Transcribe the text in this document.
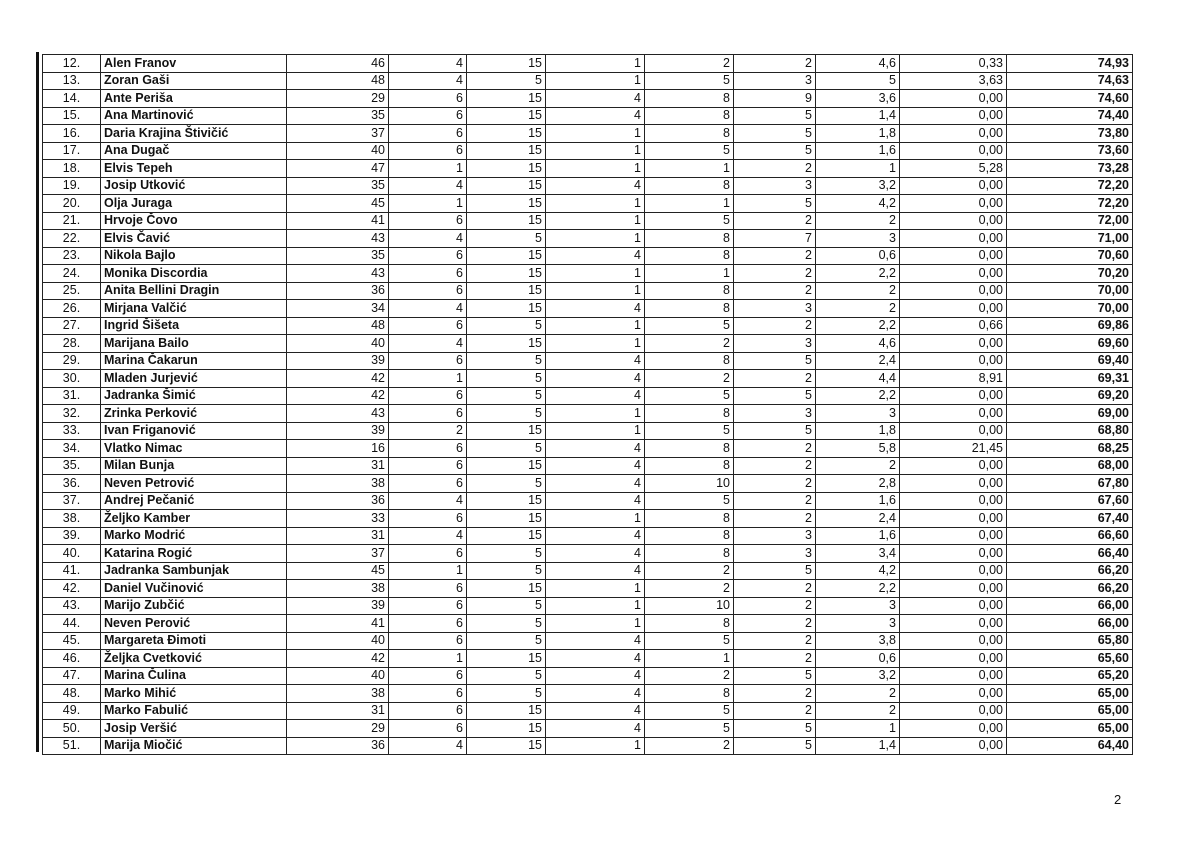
12.	Alen Franov	46	4	15	1	2	2	4,6	0,33	74,93
13.	Zoran Gaši	48	4	5	1	5	3	5	3,63	74,63
14.	Ante Periša	29	6	15	4	8	9	3,6	0,00	74,60
15.	Ana Martinović	35	6	15	4	8	5	1,4	0,00	74,40
16.	Daria Krajina Štivičić	37	6	15	1	8	5	1,8	0,00	73,80
17.	Ana Dugač	40	6	15	1	5	5	1,6	0,00	73,60
18.	Elvis Tepeh	47	1	15	1	1	2	1	5,28	73,28
19.	Josip Utković	35	4	15	4	8	3	3,2	0,00	72,20
20.	Olja Juraga	45	1	15	1	1	5	4,2	0,00	72,20
21.	Hrvoje Čovo	41	6	15	1	5	2	2	0,00	72,00
22.	Elvis Čavić	43	4	5	1	8	7	3	0,00	71,00
23.	Nikola Bajlo	35	6	15	4	8	2	0,6	0,00	70,60
24.	Monika Discordia	43	6	15	1	1	2	2,2	0,00	70,20
25.	Anita Bellini Dragin	36	6	15	1	8	2	2	0,00	70,00
26.	Mirjana Valčić	34	4	15	4	8	3	2	0,00	70,00
27.	Ingrid Šišeta	48	6	5	1	5	2	2,2	0,66	69,86
28.	Marijana Bailo	40	4	15	1	2	3	4,6	0,00	69,60
29.	Marina Čakarun	39	6	5	4	8	5	2,4	0,00	69,40
30.	Mladen Jurjević	42	1	5	4	2	2	4,4	8,91	69,31
31.	Jadranka Šimić	42	6	5	4	5	5	2,2	0,00	69,20
32.	Zrinka Perković	43	6	5	1	8	3	3	0,00	69,00
33.	Ivan Friganović	39	2	15	1	5	5	1,8	0,00	68,80
34.	Vlatko Nimac	16	6	5	4	8	2	5,8	21,45	68,25
35.	Milan Bunja	31	6	15	4	8	2	2	0,00	68,00
36.	Neven Petrović	38	6	5	4	10	2	2,8	0,00	67,80
37.	Andrej Pečanić	36	4	15	4	5	2	1,6	0,00	67,60
38.	Željko Kamber	33	6	15	1	8	2	2,4	0,00	67,40
39.	Marko Modrić	31	4	15	4	8	3	1,6	0,00	66,60
40.	Katarina Rogić	37	6	5	4	8	3	3,4	0,00	66,40
41.	Jadranka Sambunjak	45	1	5	4	2	5	4,2	0,00	66,20
42.	Daniel Vučinović	38	6	15	1	2	2	2,2	0,00	66,20
43.	Marijo Zubčić	39	6	5	1	10	2	3	0,00	66,00
44.	Neven Perović	41	6	5	1	8	2	3	0,00	66,00
45.	Margareta Đimoti	40	6	5	4	5	2	3,8	0,00	65,80
46.	Željka Cvetković	42	1	15	4	1	2	0,6	0,00	65,60
47.	Marina Čulina	40	6	5	4	2	5	3,2	0,00	65,20
48.	Marko Mihić	38	6	5	4	8	2	2	0,00	65,00
49.	Marko Fabulić	31	6	15	4	5	2	2	0,00	65,00
50.	Josip Veršić	29	6	15	4	5	5	1	0,00	65,00
51.	Marija Miočić	36	4	15	1	2	5	1,4	0,00	64,40
2
